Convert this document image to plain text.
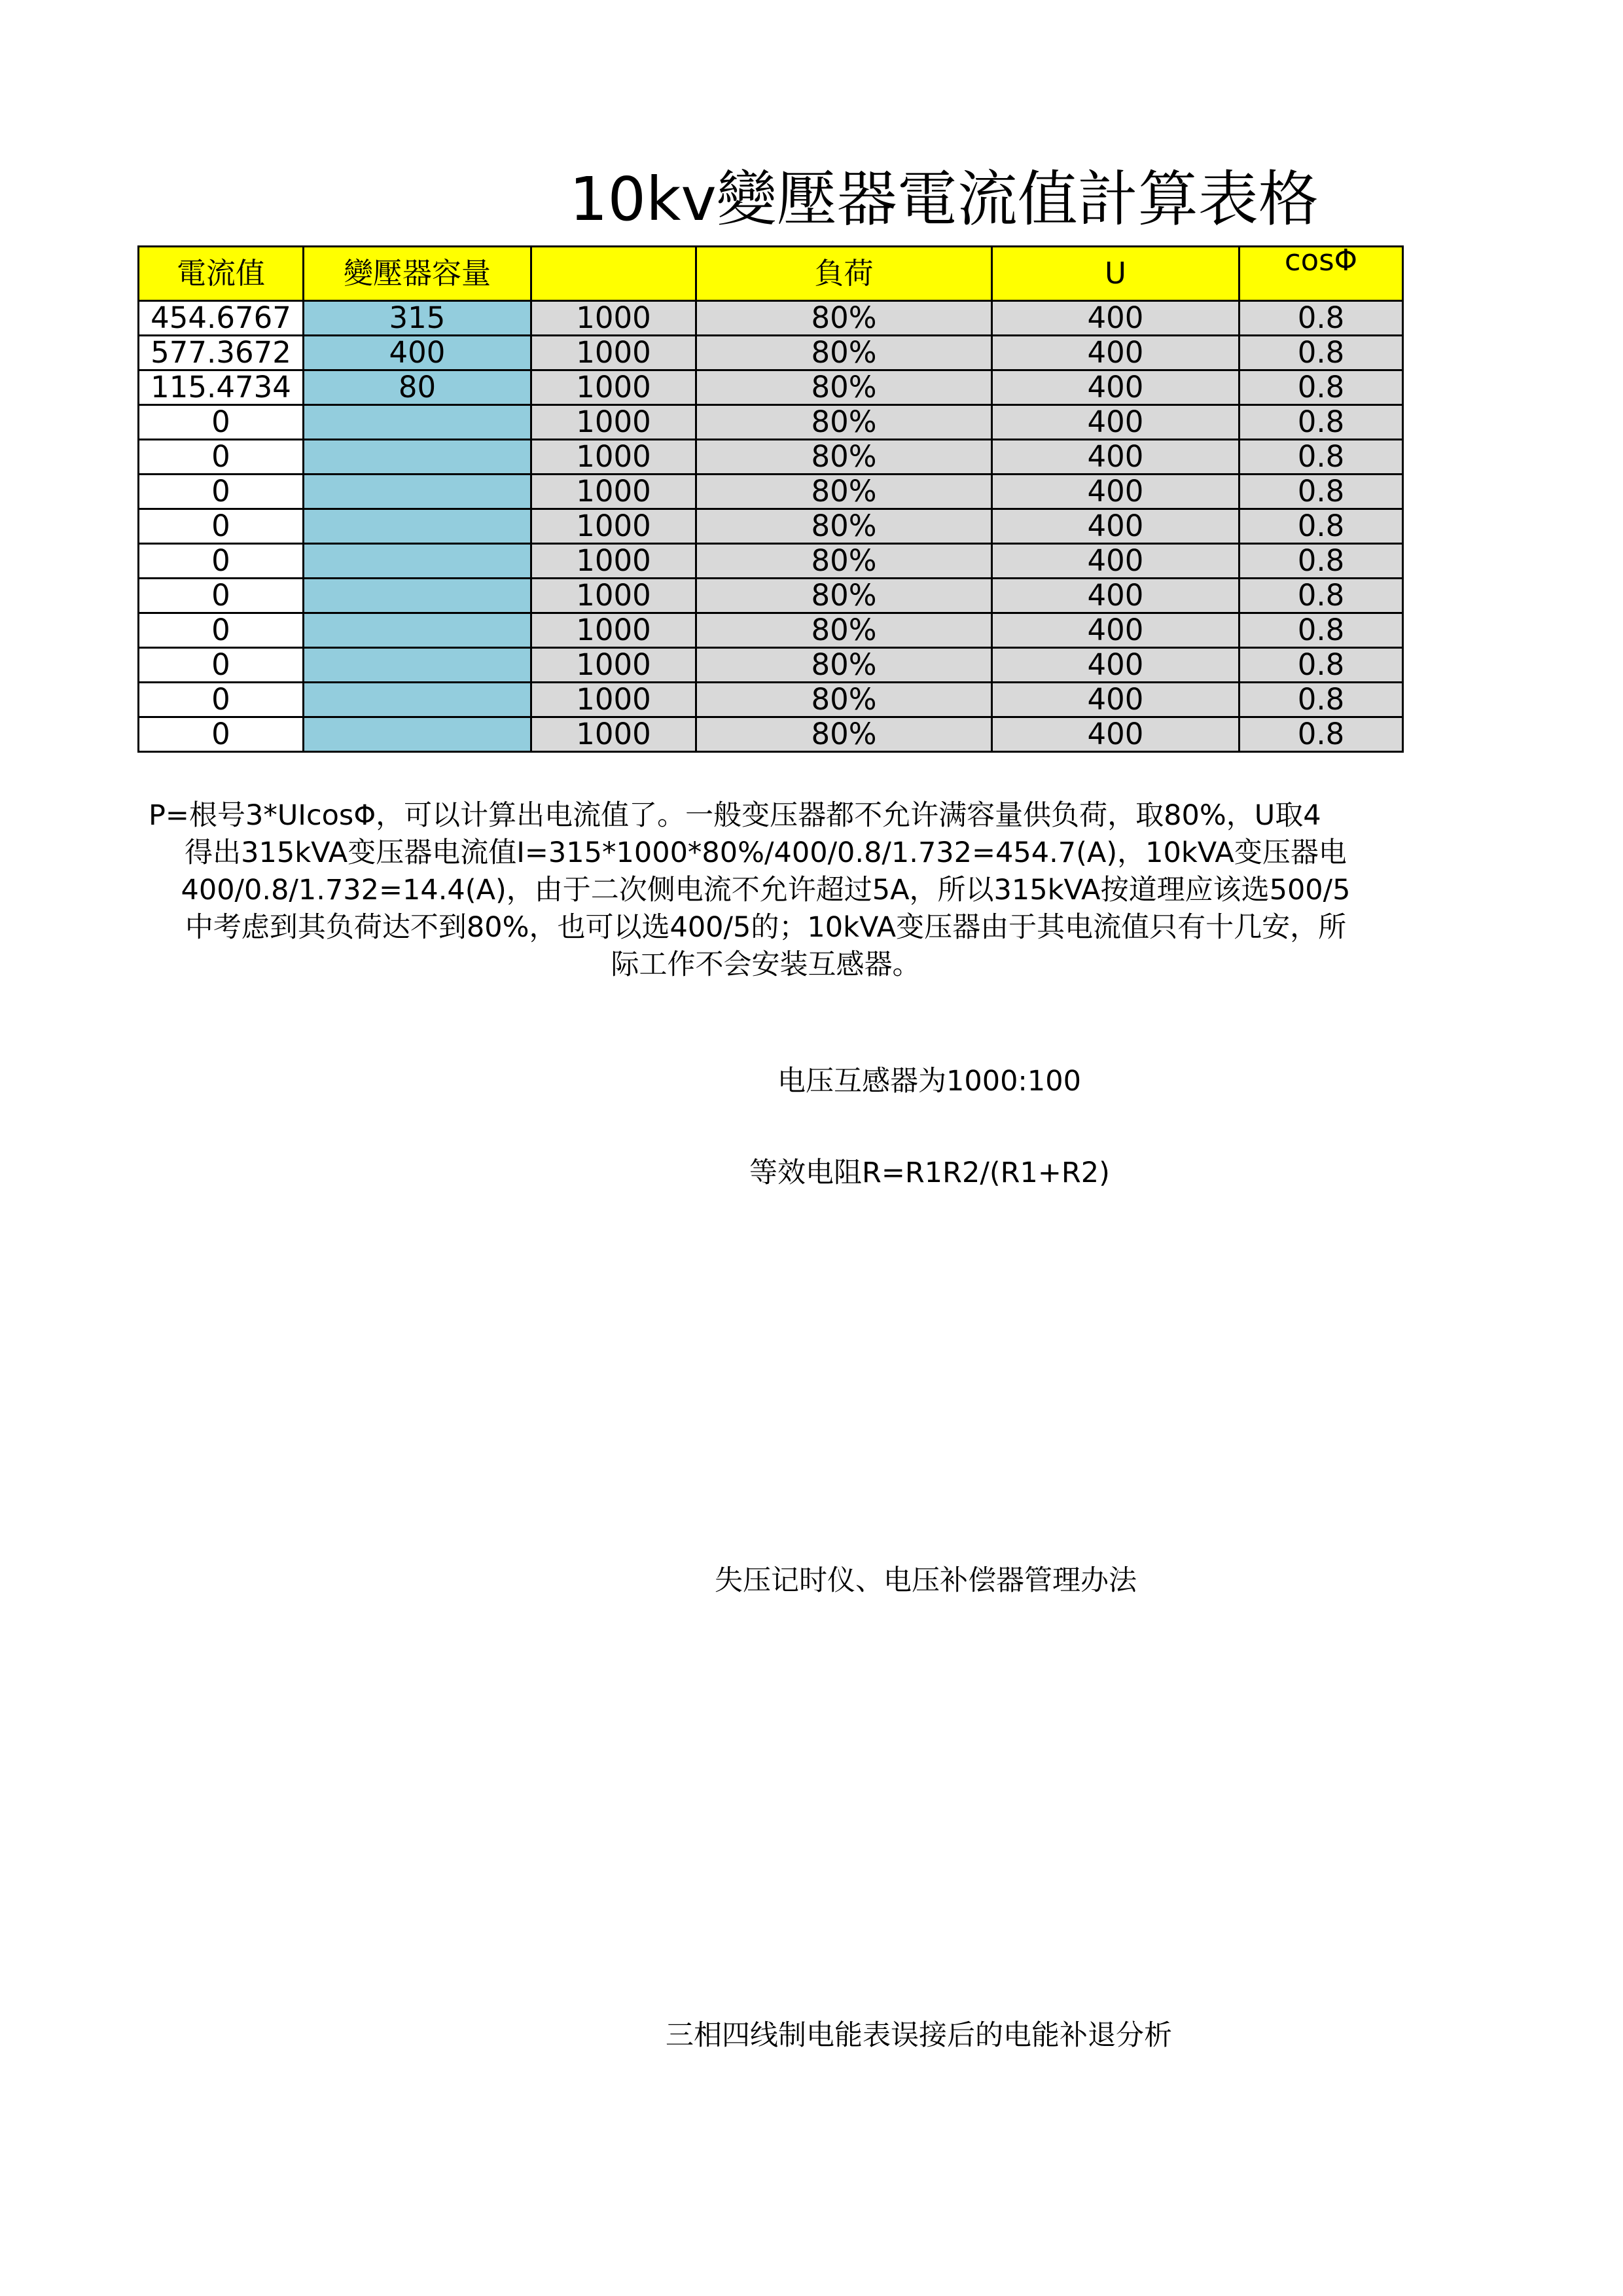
10kv變壓器電流值計算表格
電流值	變壓器容量		負荷	U	cosΦ
454.6767	315	1000	80%	400	0.8
577.3672	400	1000	80%	400	0.8
115.4734	80	1000	80%	400	0.8
0		1000	80%	400	0.8
0		1000	80%	400	0.8
0		1000	80%	400	0.8
0		1000	80%	400	0.8
0		1000	80%	400	0.8
0		1000	80%	400	0.8
0		1000	80%	400	0.8
0		1000	80%	400	0.8
0		1000	80%	400	0.8
0		1000	80%	400	0.8
P=根号3*UIcosΦ，可以计算出电流值了。一般变压器都不允许满容量供负荷，取80%，U取4
得出315kVA变压器电流值I=315*1000*80%/400/0.8/1.732=454.7(A)，10kVA变压器电
400/0.8/1.732=14.4(A)，由于二次侧电流不允许超过5A，所以315kVA按道理应该选500/5
中考虑到其负荷达不到80%，也可以选400/5的；10kVA变压器由于其电流值只有十几安，所
际工作不会安装互感器。
电压互感器为1000:100
等效电阻R=R1R2/(R1+R2)
失压记时仪、电压补偿器管理办法
三相四线制电能表误接后的电能补退分析
